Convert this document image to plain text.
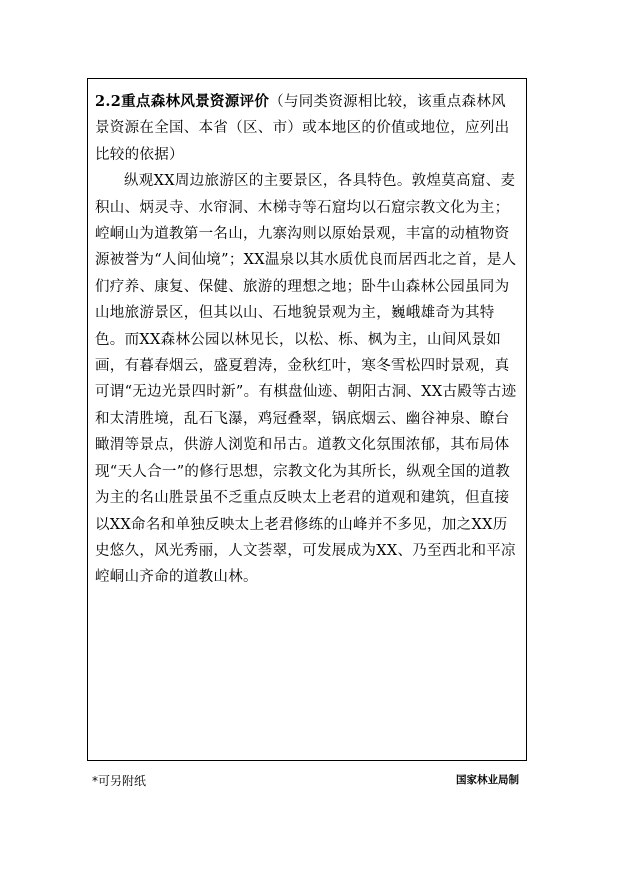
2.2重点森林风景资源评价（与同类资源相比较，该重点森林风景资源在全国、本省（区、市）或本地区的价值或地位，应列出比较的依据）

纵观XX周边旅游区的主要景区，各具特色。敦煌莫高窟、麦积山、炳灵寺、水帘洞、木梯寺等石窟均以石窟宗教文化为主；崆峒山为道教第一名山，九寨沟则以原始景观，丰富的动植物资源被誉为“人间仙境”；XX温泉以其水质优良而居西北之首，是人们疗养、康复、保健、旅游的理想之地；卧牛山森林公园虽同为山地旅游景区，但其以山、石地貌景观为主，巍峨雄奇为其特色。而XX森林公园以林见长，以松、栎、枫为主，山间风景如画，有暮春烟云，盛夏碧涛，金秋红叶，寒冬雪松四时景观，真可谓“无边光景四时新”。有棋盘仙迹、朝阳古洞、XX古殿等古迹和太清胜境，乱石飞瀑，鸡冠叠翠，锅底烟云、幽谷神泉、瞭台瞰渭等景点，供游人浏览和吊古。道教文化氛围浓郁，其布局体现“天人合一”的修行思想，宗教文化为其所长，纵观全国的道教为主的名山胜景虽不乏重点反映太上老君的道观和建筑，但直接以XX命名和单独反映太上老君修练的山峰并不多见，加之XX历史悠久，风光秀丽，人文荟翠，可发展成为XX、乃至西北和平凉崆峒山齐命的道教山林。

*可另附纸	国家林业局制
